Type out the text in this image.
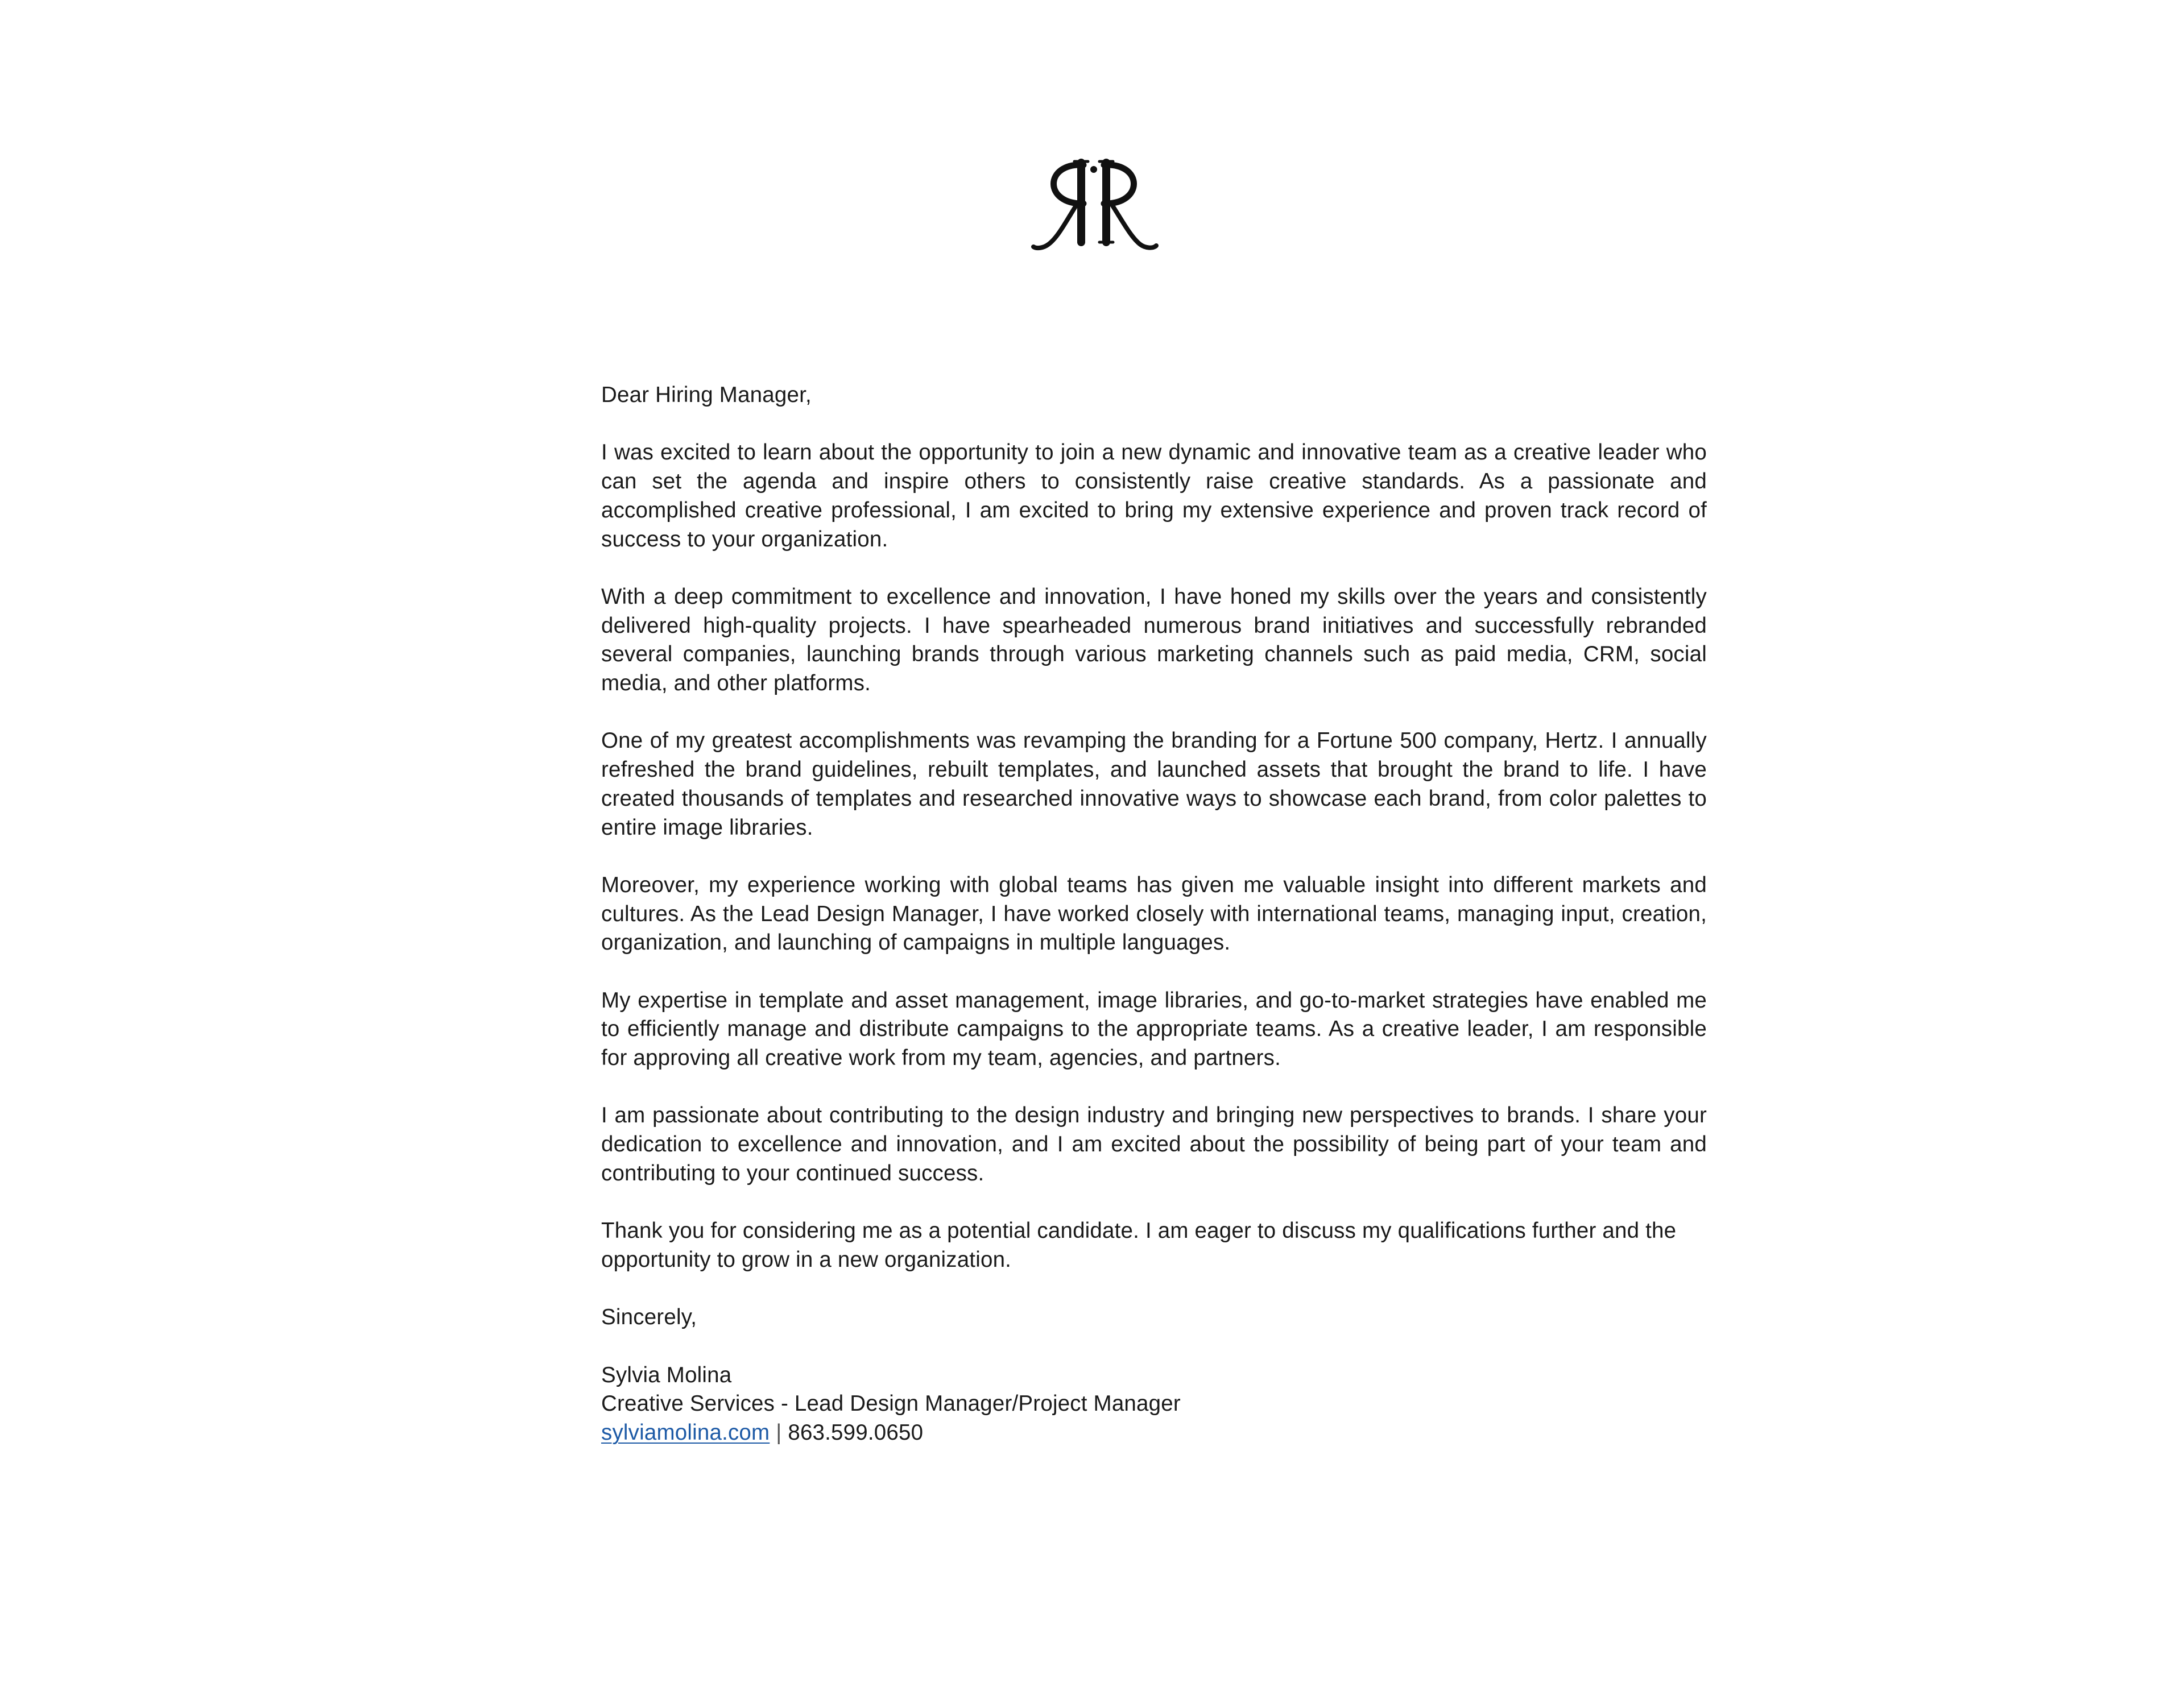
Dear Hiring Manager,

I was excited to learn about the opportunity to join a new dynamic and innovative team as a creative leader who can set the agenda and inspire others to consistently raise creative standards. As a passionate and accomplished creative professional, I am excited to bring my extensive experience and proven track record of success to your organization.

With a deep commitment to excellence and innovation, I have honed my skills over the years and consistently delivered high-quality projects. I have spearheaded numerous brand initiatives and successfully rebranded several companies, launching brands through various marketing channels such as paid media, CRM, social media, and other platforms.

One of my greatest accomplishments was revamping the branding for a Fortune 500 company, Hertz. I annually refreshed the brand guidelines, rebuilt templates, and launched assets that brought the brand to life. I have created thousands of templates and researched innovative ways to showcase each brand, from color palettes to entire image libraries.

Moreover, my experience working with global teams has given me valuable insight into different markets and cultures. As the Lead Design Manager, I have worked closely with international teams, managing input, creation, organization, and launching of campaigns in multiple languages.

My expertise in template and asset management, image libraries, and go-to-market strategies have enabled me to efficiently manage and distribute campaigns to the appropriate teams. As a creative leader, I am responsible for approving all creative work from my team, agencies, and partners.

I am passionate about contributing to the design industry and bringing new perspectives to brands. I share your dedication to excellence and innovation, and I am excited about the possibility of being part of your team and contributing to your continued success.

Thank you for considering me as a potential candidate. I am eager to discuss my qualifications further and the opportunity to grow in a new organization.

Sincerely,

Sylvia Molina
Creative Services - Lead Design Manager/Project Manager
sylviamolina.com | 863.599.0650
